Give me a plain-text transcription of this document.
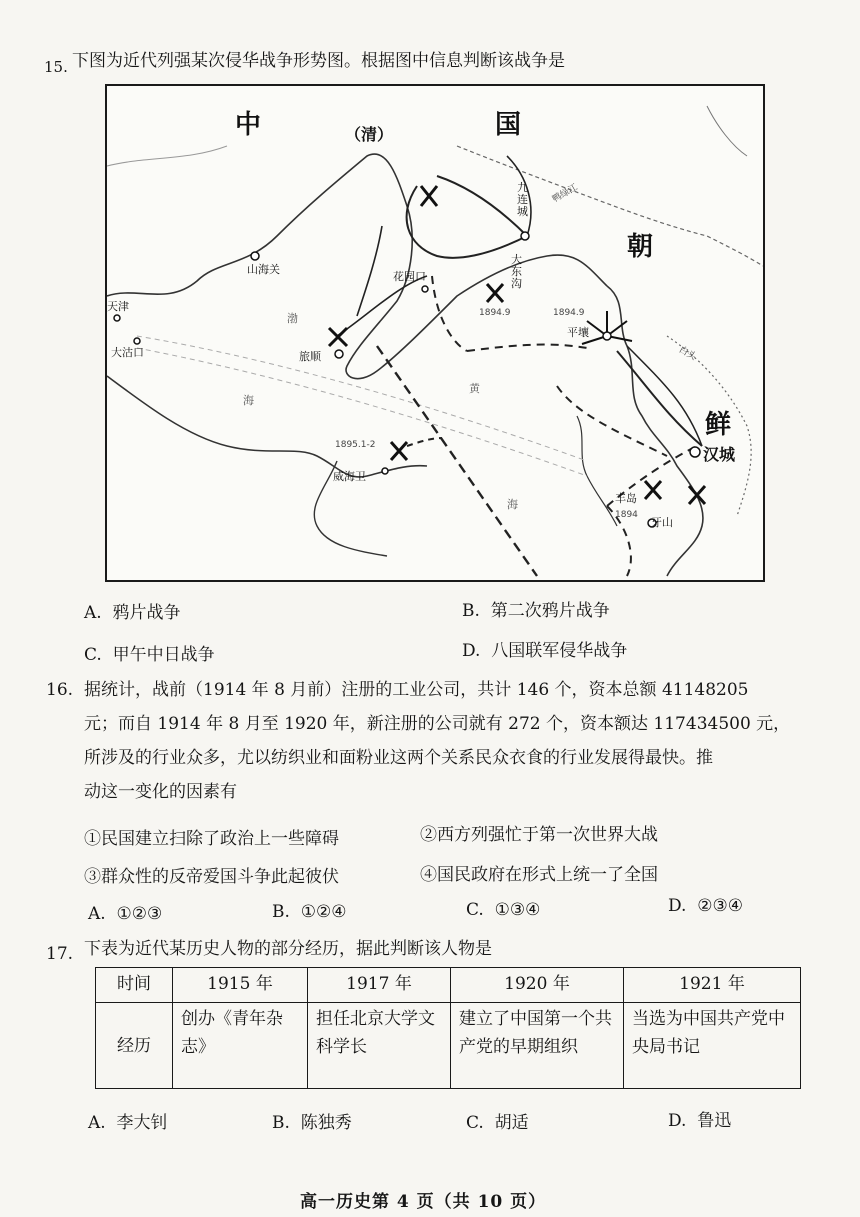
15. 下图为近代列强某次侵华战争形势图。根据图中信息判断该战争是
中	（清）	国
朝
鲜
山海关
天津
大沽口
花园口
旅顺
九连城
大东沟
平壤
汉城
威海卫
丰岛
牙山
1894.9	1894.9
1895.1-2
1894
渤
海
黄
海
鸭绿江
白头
A. 鸦片战争	B. 第二次鸦片战争
C. 甲午中日战争	D. 八国联军侵华战争
16. 据统计，战前（1914 年 8 月前）注册的工业公司，共计 146 个，资本总额 41148205
元；而自 1914 年 8 月至 1920 年，新注册的公司就有 272 个，资本额达 117434500 元，
所涉及的行业众多，尤以纺织业和面粉业这两个关系民众衣食的行业发展得最快。推
动这一变化的因素有
①民国建立扫除了政治上一些障碍	②西方列强忙于第一次世界大战
③群众性的反帝爱国斗争此起彼伏	④国民政府在形式上统一了全国
A. ①②③	B. ①②④	C. ①③④	D. ②③④
17. 下表为近代某历史人物的部分经历，据此判断该人物是
时间	1915 年	1917 年	1920 年	1921 年
经历	创办《青年杂志》	担任北京大学文科学长	建立了中国第一个共产党的早期组织	当选为中国共产党中央局书记
A. 李大钊	B. 陈独秀	C. 胡适	D. 鲁迅
高一历史第 4 页（共 10 页）
